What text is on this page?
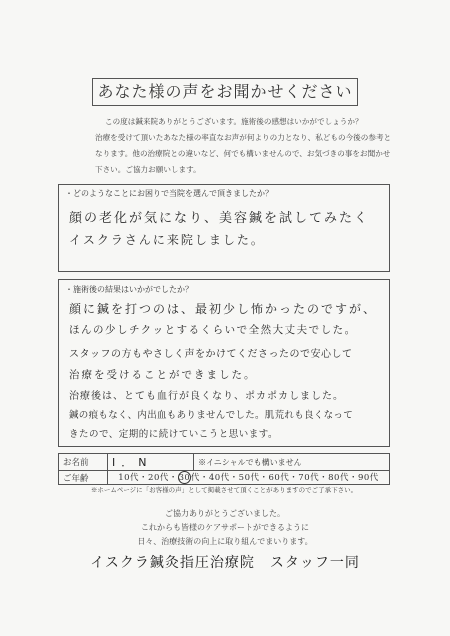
あなた様の声をお聞かせください
この度は鍼来院ありがとうございます。施術後の感想はいかがでしょうか？
治療を受けて頂いたあなた様の率直なお声が何よりの力となり、私どもの今後の参考と
なります。他の治療院との違いなど、何でも構いませんので、お気づきの事をお聞かせ
下さい。ご協力お願いします。
・どのようなことにお困りで当院を選んで頂きましたか？
顔の老化が気になり、美容鍼を試してみたく
イスクラさんに来院しました。
・施術後の結果はいかがでしたか？
顔に鍼を打つのは、最初少し怖かったのですが、
ほんの少しチクッとするくらいで全然大丈夫でした。
スタッフの方もやさしく声をかけてくださったので安心して
治療を受けることができました。
治療後は、とても血行が良くなり、ポカポカしました。
鍼の痕もなく、内出血もありませんでした。肌荒れも良くなって
きたので、定期的に続けていこうと思います。
お名前	I．N	※イニシャルでも構いません
ご年齢	10代・20代・30代・40代・50代・60代・70代・80代・90代	
※ホームページに「お客様の声」として掲載させて頂くことがありますのでご了承下さい。
ご協力ありがとうございました。
これからも皆様のケアサポートができるように
日々、治療技術の向上に取り組んでまいります。
イスクラ鍼灸指圧治療院　スタッフ一同
